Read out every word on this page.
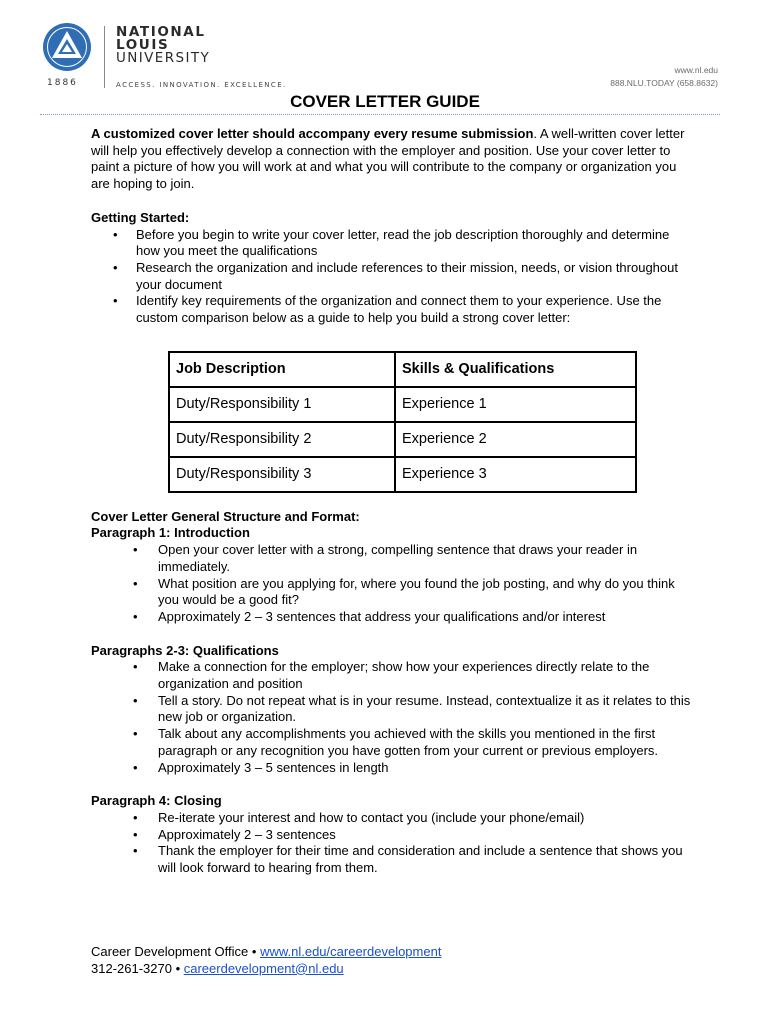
1886
NATIONAL
LOUIS
UNIVERSITY
ACCESS. INNOVATION. EXCELLENCE.
www.nl.edu
888.NLU.TODAY (658.8632)
COVER LETTER GUIDE

A customized cover letter should accompany every resume submission. A well-written cover letter will help you effectively develop a connection with the employer and position. Use your cover letter to paint a picture of how you will work at and what you will contribute to the company or organization you are hoping to join.

Getting Started:

• Before you begin to write your cover letter, read the job description thoroughly and determine how you meet the qualifications
• Research the organization and include references to their mission, needs, or vision throughout your document
• Identify key requirements of the organization and connect them to your experience. Use the custom comparison below as a guide to help you build a strong cover letter:
Job Description	Skills & Qualifications
Duty/Responsibility 1	Experience 1
Duty/Responsibility 2	Experience 2
Duty/Responsibility 3	Experience 3

Cover Letter General Structure and Format:

Paragraph 1: Introduction

• Open your cover letter with a strong, compelling sentence that draws your reader in immediately.
• What position are you applying for, where you found the job posting, and why do you think you would be a good fit?
• Approximately 2 – 3 sentences that address your qualifications and/or interest

Paragraphs 2-3: Qualifications

• Make a connection for the employer; show how your experiences directly relate to the organization and position
• Tell a story. Do not repeat what is in your resume. Instead, contextualize it as it relates to this new job or organization.
• Talk about any accomplishments you achieved with the skills you mentioned in the first paragraph or any recognition you have gotten from your current or previous employers.
• Approximately 3 – 5 sentences in length

Paragraph 4: Closing

• Re-iterate your interest and how to contact you (include your phone/email)
• Approximately 2 – 3 sentences
• Thank the employer for their time and consideration and include a sentence that shows you will look forward to hearing from them.
Career Development Office • www.nl.edu/careerdevelopment
312-261-3270 • careerdevelopment@nl.edu
